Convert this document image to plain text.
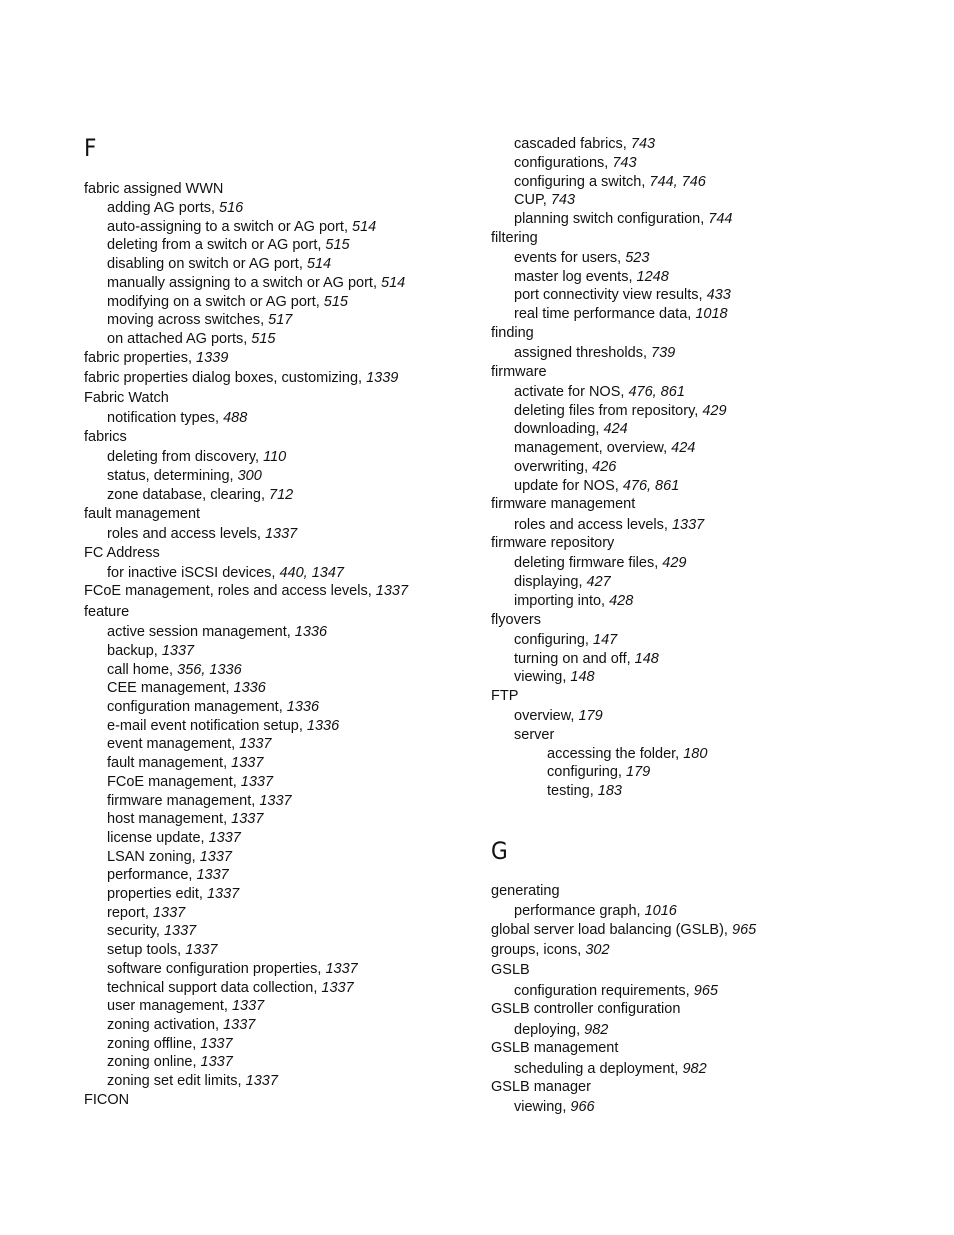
F
fabric assigned WWN
adding AG ports, 516
auto-assigning to a switch or AG port, 514
deleting from a switch or AG port, 515
disabling on switch or AG port, 514
manually assigning to a switch or AG port, 514
modifying on a switch or AG port, 515
moving across switches, 517
on attached AG ports, 515
fabric properties, 1339
fabric properties dialog boxes, customizing, 1339
Fabric Watch
notification types, 488
fabrics
deleting from discovery, 110
status, determining, 300
zone database, clearing, 712
fault management
roles and access levels, 1337
FC Address
for inactive iSCSI devices, 440, 1347
FCoE management, roles and access levels, 1337
feature
active session management, 1336
backup, 1337
call home, 356, 1336
CEE management, 1336
configuration management, 1336
e-mail event notification setup, 1336
event management, 1337
fault management, 1337
FCoE management, 1337
firmware management, 1337
host management, 1337
license update, 1337
LSAN zoning, 1337
performance, 1337
properties edit, 1337
report, 1337
security, 1337
setup tools, 1337
software configuration properties, 1337
technical support data collection, 1337
user management, 1337
zoning activation, 1337
zoning offline, 1337
zoning online, 1337
zoning set edit limits, 1337
FICON
cascaded fabrics, 743
configurations, 743
configuring a switch, 744, 746
CUP, 743
planning switch configuration, 744
filtering
events for users, 523
master log events, 1248
port connectivity view results, 433
real time performance data, 1018
finding
assigned thresholds, 739
firmware
activate for NOS, 476, 861
deleting files from repository, 429
downloading, 424
management, overview, 424
overwriting, 426
update for NOS, 476, 861
firmware management
roles and access levels, 1337
firmware repository
deleting firmware files, 429
displaying, 427
importing into, 428
flyovers
configuring, 147
turning on and off, 148
viewing, 148
FTP
overview, 179
server
accessing the folder, 180
configuring, 179
testing, 183
G
generating
performance graph, 1016
global server load balancing (GSLB), 965
groups, icons, 302
GSLB
configuration requirements, 965
GSLB controller configuration
deploying, 982
GSLB management
scheduling a deployment, 982
GSLB manager
viewing, 966
